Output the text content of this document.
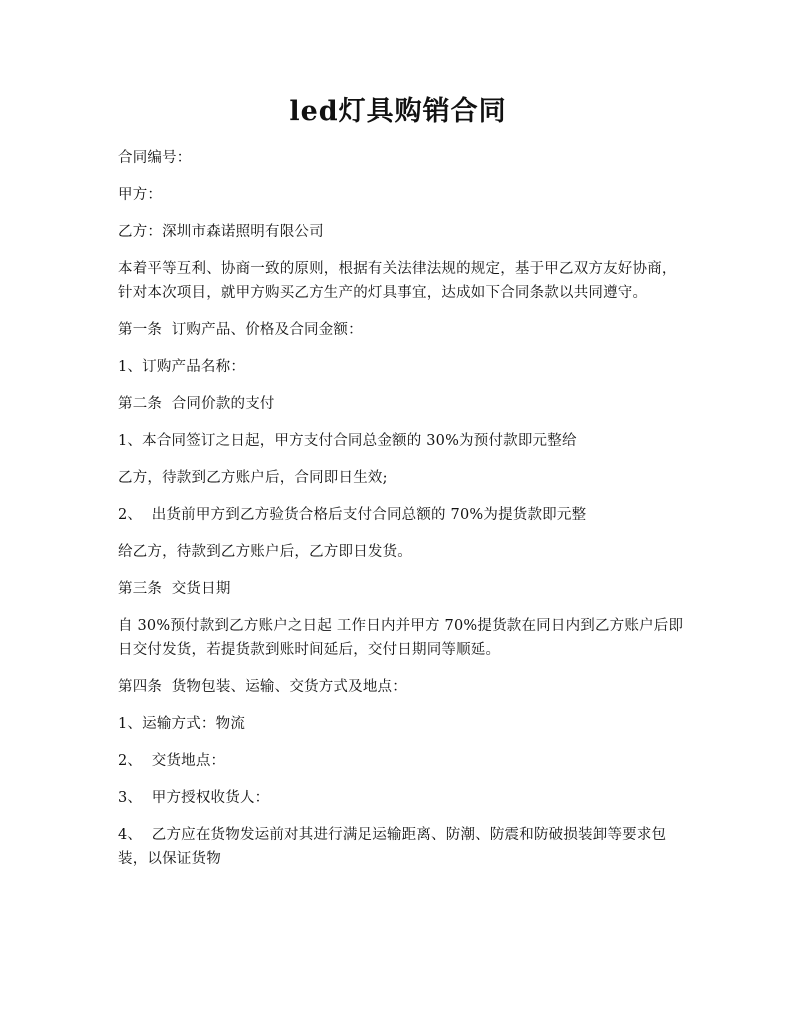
led灯具购销合同

合同编号：

甲方：

乙方：深圳市森诺照明有限公司

本着平等互利、协商一致的原则，根据有关法律法规的规定，基于甲乙双方友好协商，针对本次项目，就甲方购买乙方生产的灯具事宜，达成如下合同条款以共同遵守。

第一条  订购产品、价格及合同金额：

1、订购产品名称：

第二条  合同价款的支付

1、本合同签订之日起，甲方支付合同总金额的 30%为预付款即元整给

乙方，待款到乙方账户后，合同即日生效;

2、  出货前甲方到乙方验货合格后支付合同总额的 70%为提货款即元整

给乙方，待款到乙方账户后，乙方即日发货。

第三条  交货日期

自 30%预付款到乙方账户之日起 工作日内并甲方 70%提货款在同日内到乙方账户后即日交付发货，若提货款到账时间延后，交付日期同等顺延。

第四条  货物包装、运输、交货方式及地点：

1、运输方式：物流

2、  交货地点：

3、  甲方授权收货人：

4、  乙方应在货物发运前对其进行满足运输距离、防潮、防震和防破损装卸等要求包装，以保证货物
